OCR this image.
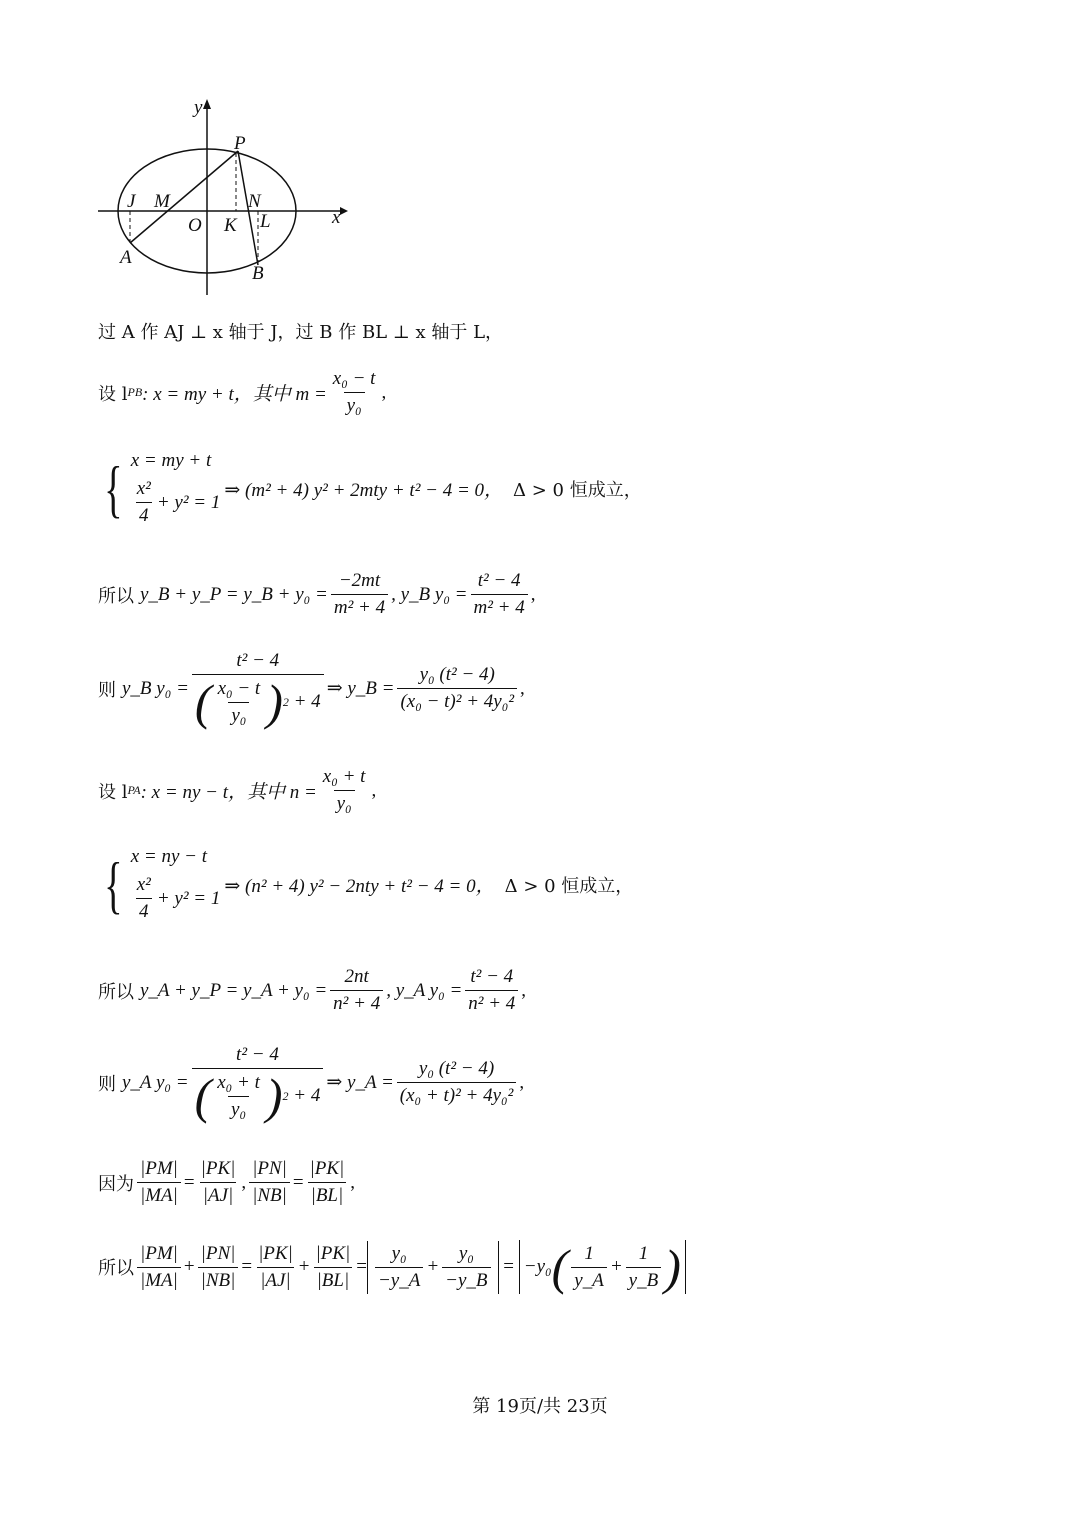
y
x
P
J M	N
O K L
A
B
过 A 作 AJ ⊥ x 轴于 J，过 B 作 BL ⊥ x 轴于 L，
设 l PB : x = my + t，其中 $m = \frac{\text{x₀ − t}}{\text{y₀}}$ ,
{ x = my + t
$\frac{\text{x²}}{4} + y^2 = 1$
⇒ (m² + 4) y² + 2mty + t² − 4 = 0， Δ > 0 恒成立，
所以 y_B + y_P = y_B + $y_0 = \frac{-2mt}{\text{m² + 4}}$ , y_B $y_0 = \frac{\text{t² − 4}}{\text{m² + 4}}$ ,
则 y_B $y_0 = \frac{\text{t² − 4}}{( \frac{\text{x₀ − t}}{\text{y₀}} ) 2 + 4}$ ⇒ y_B = $\frac{\text{y₀ (t² − 4)}}{\text{(x₀ − t)² + 4y₀²}}$ ,
设 l PA : x = ny − t，其中 $n = \frac{\text{x₀ + t}}{\text{y₀}}$ ,
{ x = ny − t
$\frac{\text{x²}}{4} + y^2 = 1$
⇒ (n² + 4) y² − 2nty + t² − 4 = 0， Δ > 0 恒成立，
所以 y_A + y_P = y_A + $y_0 = \frac{2nt}{\text{n² + 4}}$ , y_A $y_0 = \frac{\text{t² − 4}}{\text{n² + 4}}$ ,
则 y_A $y_0 = \frac{\text{t² − 4}}{( \frac{\text{x₀ + t}}{\text{y₀}} ) 2 + 4}$ ⇒ y_A = $\frac{\text{y₀ (t² − 4)}}{\text{(x₀ + t)² + 4y₀²}}$ ,
因为 $\frac{|PM|}{|MA|} = \frac{|PK|}{|AJ|}$ , $\frac{|PN|}{|NB|} = \frac{|PK|}{|BL|}$ ,
所以 $\frac{|PM|}{|MA|} + \frac{|PN|}{|NB|} = \frac{|PK|}{|AJ|} + \frac{|PK|}{|BL|} = \frac{\text{y₀}}{-y\_A} + \frac{\text{y₀}}{-y\_B} = -y_0$ ( $\frac{1}{y\_A} + \frac{1}{y\_B}$ )
第 19页/共 23页
